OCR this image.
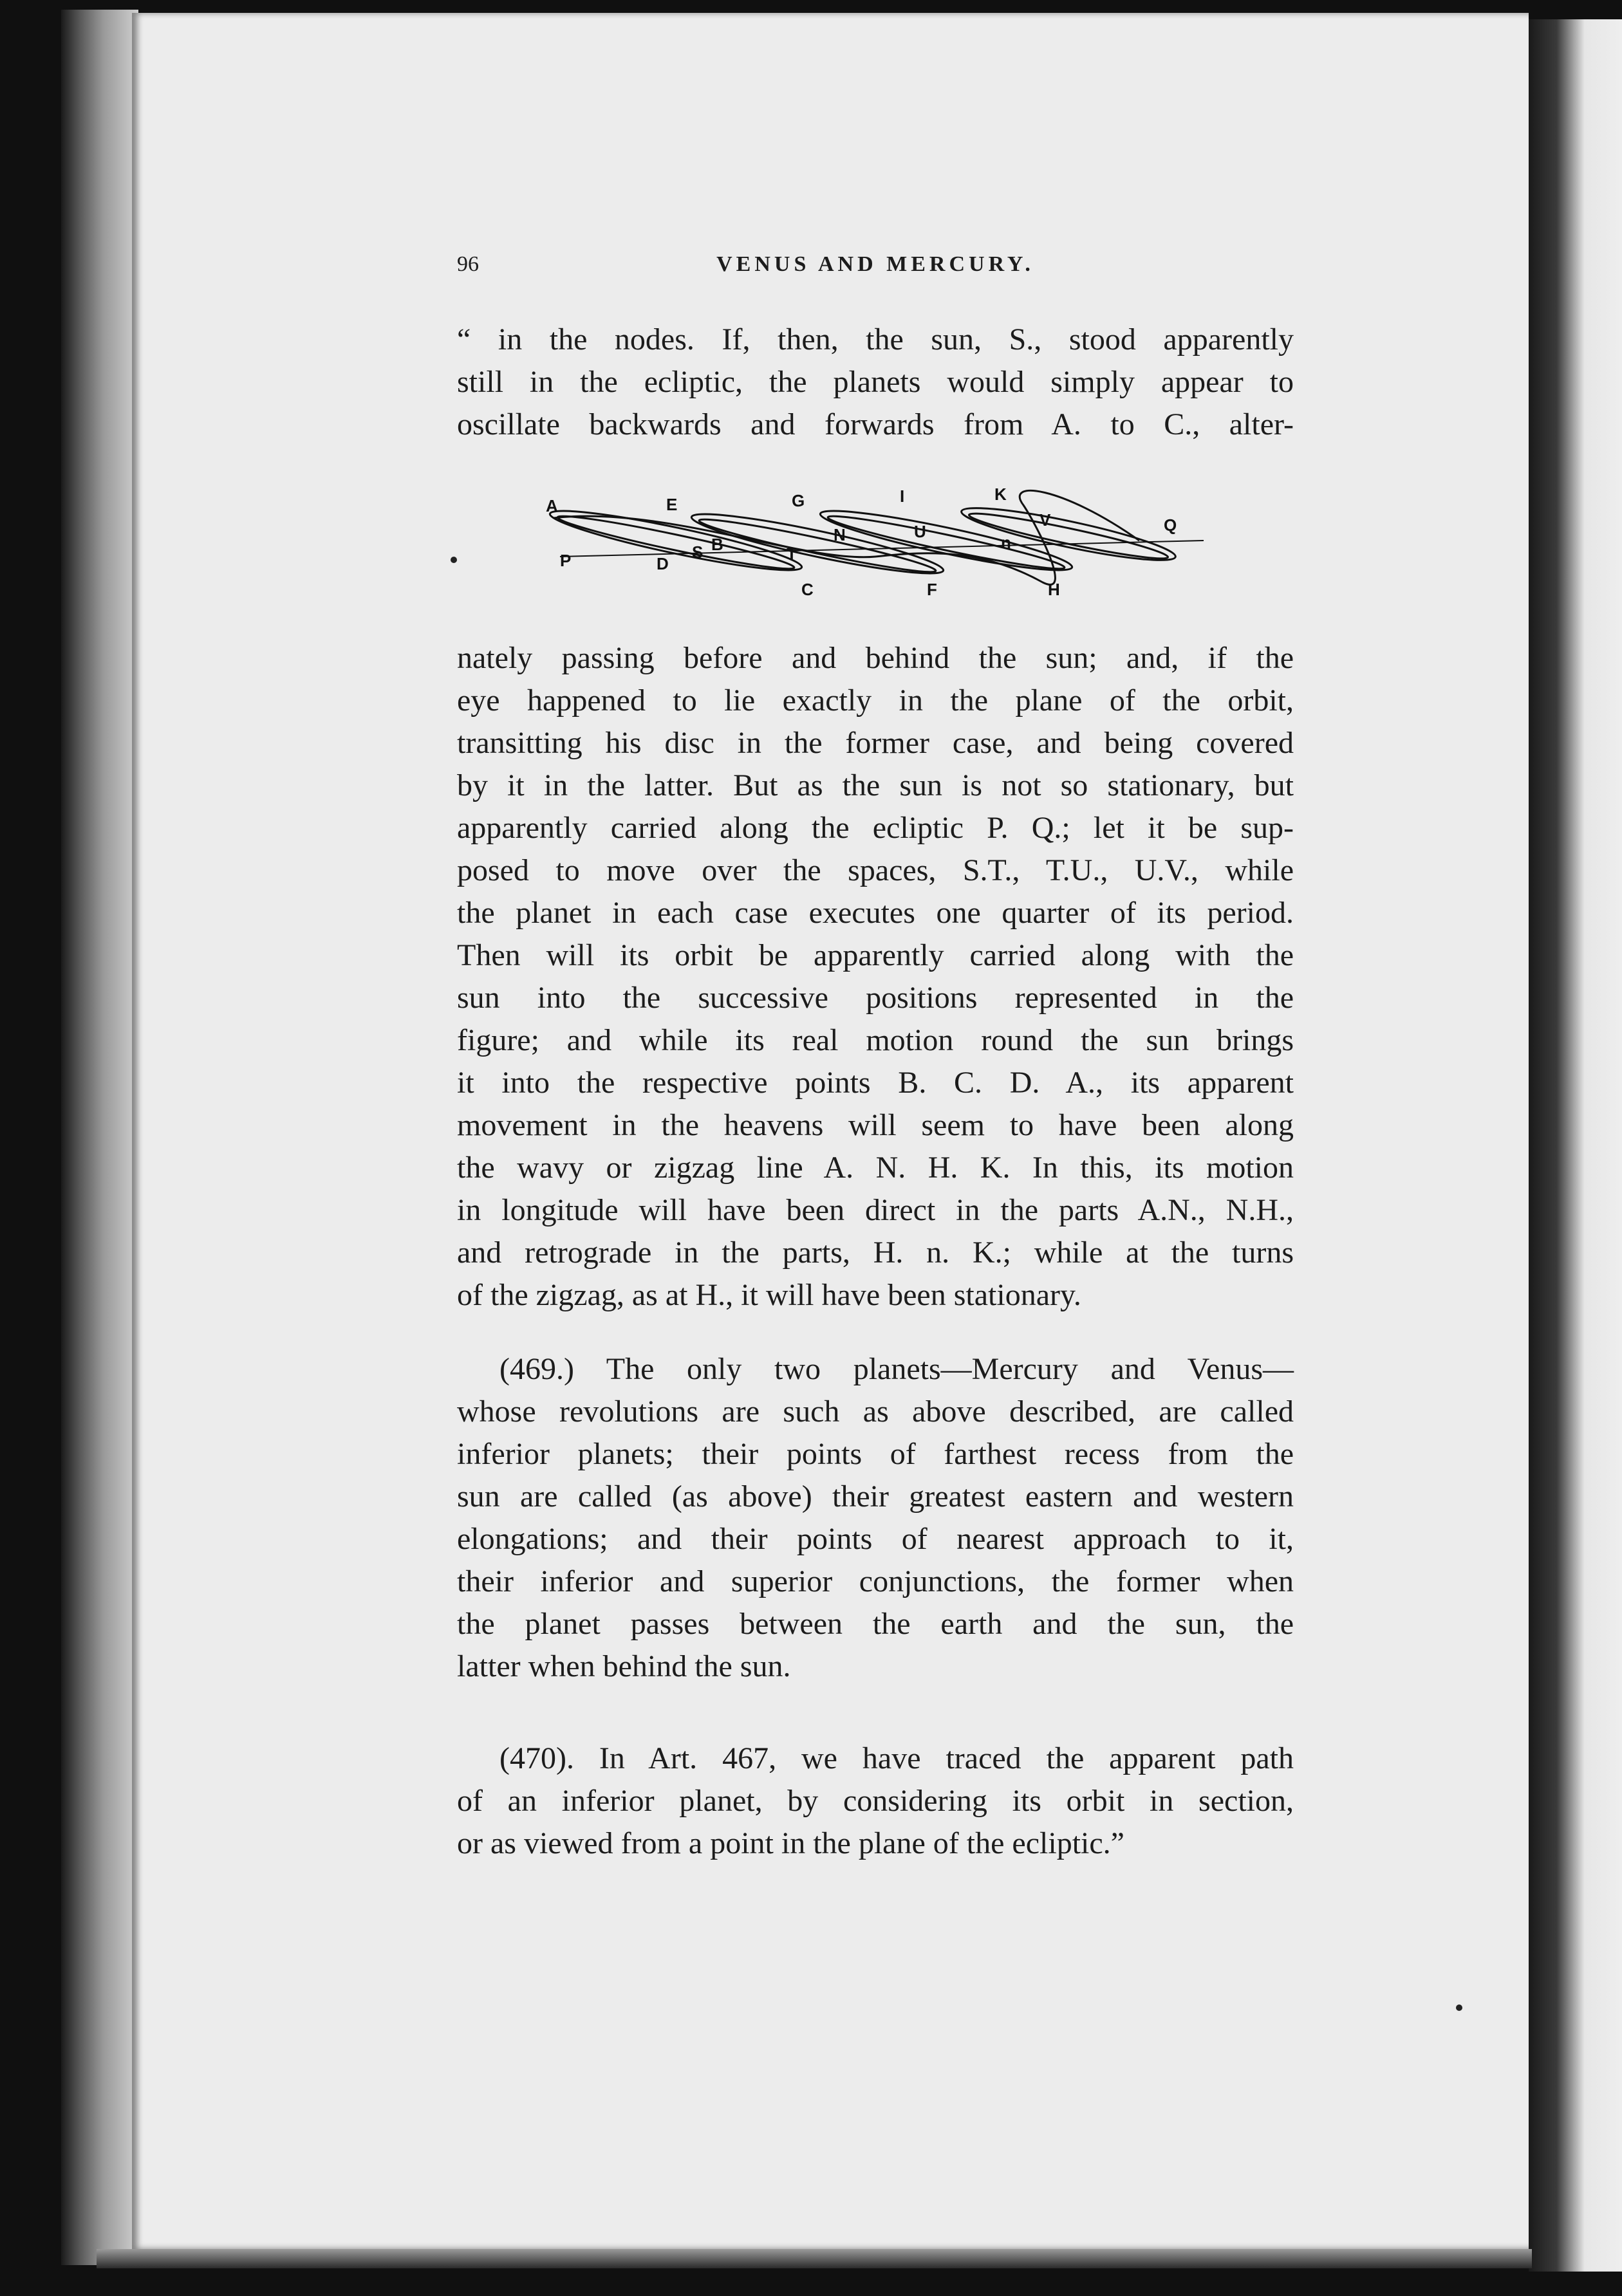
96	VENUS AND MERCURY.
“ in the nodes. If, then, the sun, S., stood apparently
still in the ecliptic, the planets would simply appear to
oscillate backwards and forwards from A. to C., alter-
A	E	G	I	K
Q
P	D
B
S	T
N	U
n
V
C	F	H
nately passing before and behind the sun; and, if the
eye happened to lie exactly in the plane of the orbit,
transitting his disc in the former case, and being covered
by it in the latter. But as the sun is not so stationary, but
apparently carried along the ecliptic P. Q.; let it be sup-
posed to move over the spaces, S.T., T.U., U.V., while
the planet in each case executes one quarter of its period.
Then will its orbit be apparently carried along with the
sun into the successive positions represented in the
figure; and while its real motion round the sun brings
it into the respective points B. C. D. A., its apparent
movement in the heavens will seem to have been along
the wavy or zigzag line A. N. H. K. In this, its motion
in longitude will have been direct in the parts A.N., N.H.,
and retrograde in the parts, H. n. K.; while at the turns
of the zigzag, as at H., it will have been stationary.
(469.) The only two planets—Mercury and Venus—
whose revolutions are such as above described, are called
inferior planets; their points of farthest recess from the
sun are called (as above) their greatest eastern and western
elongations; and their points of nearest approach to it,
their inferior and superior conjunctions, the former when
the planet passes between the earth and the sun, the
latter when behind the sun.
(470). In Art. 467, we have traced the apparent path
of an inferior planet, by considering its orbit in section,
or as viewed from a point in the plane of the ecliptic.”
